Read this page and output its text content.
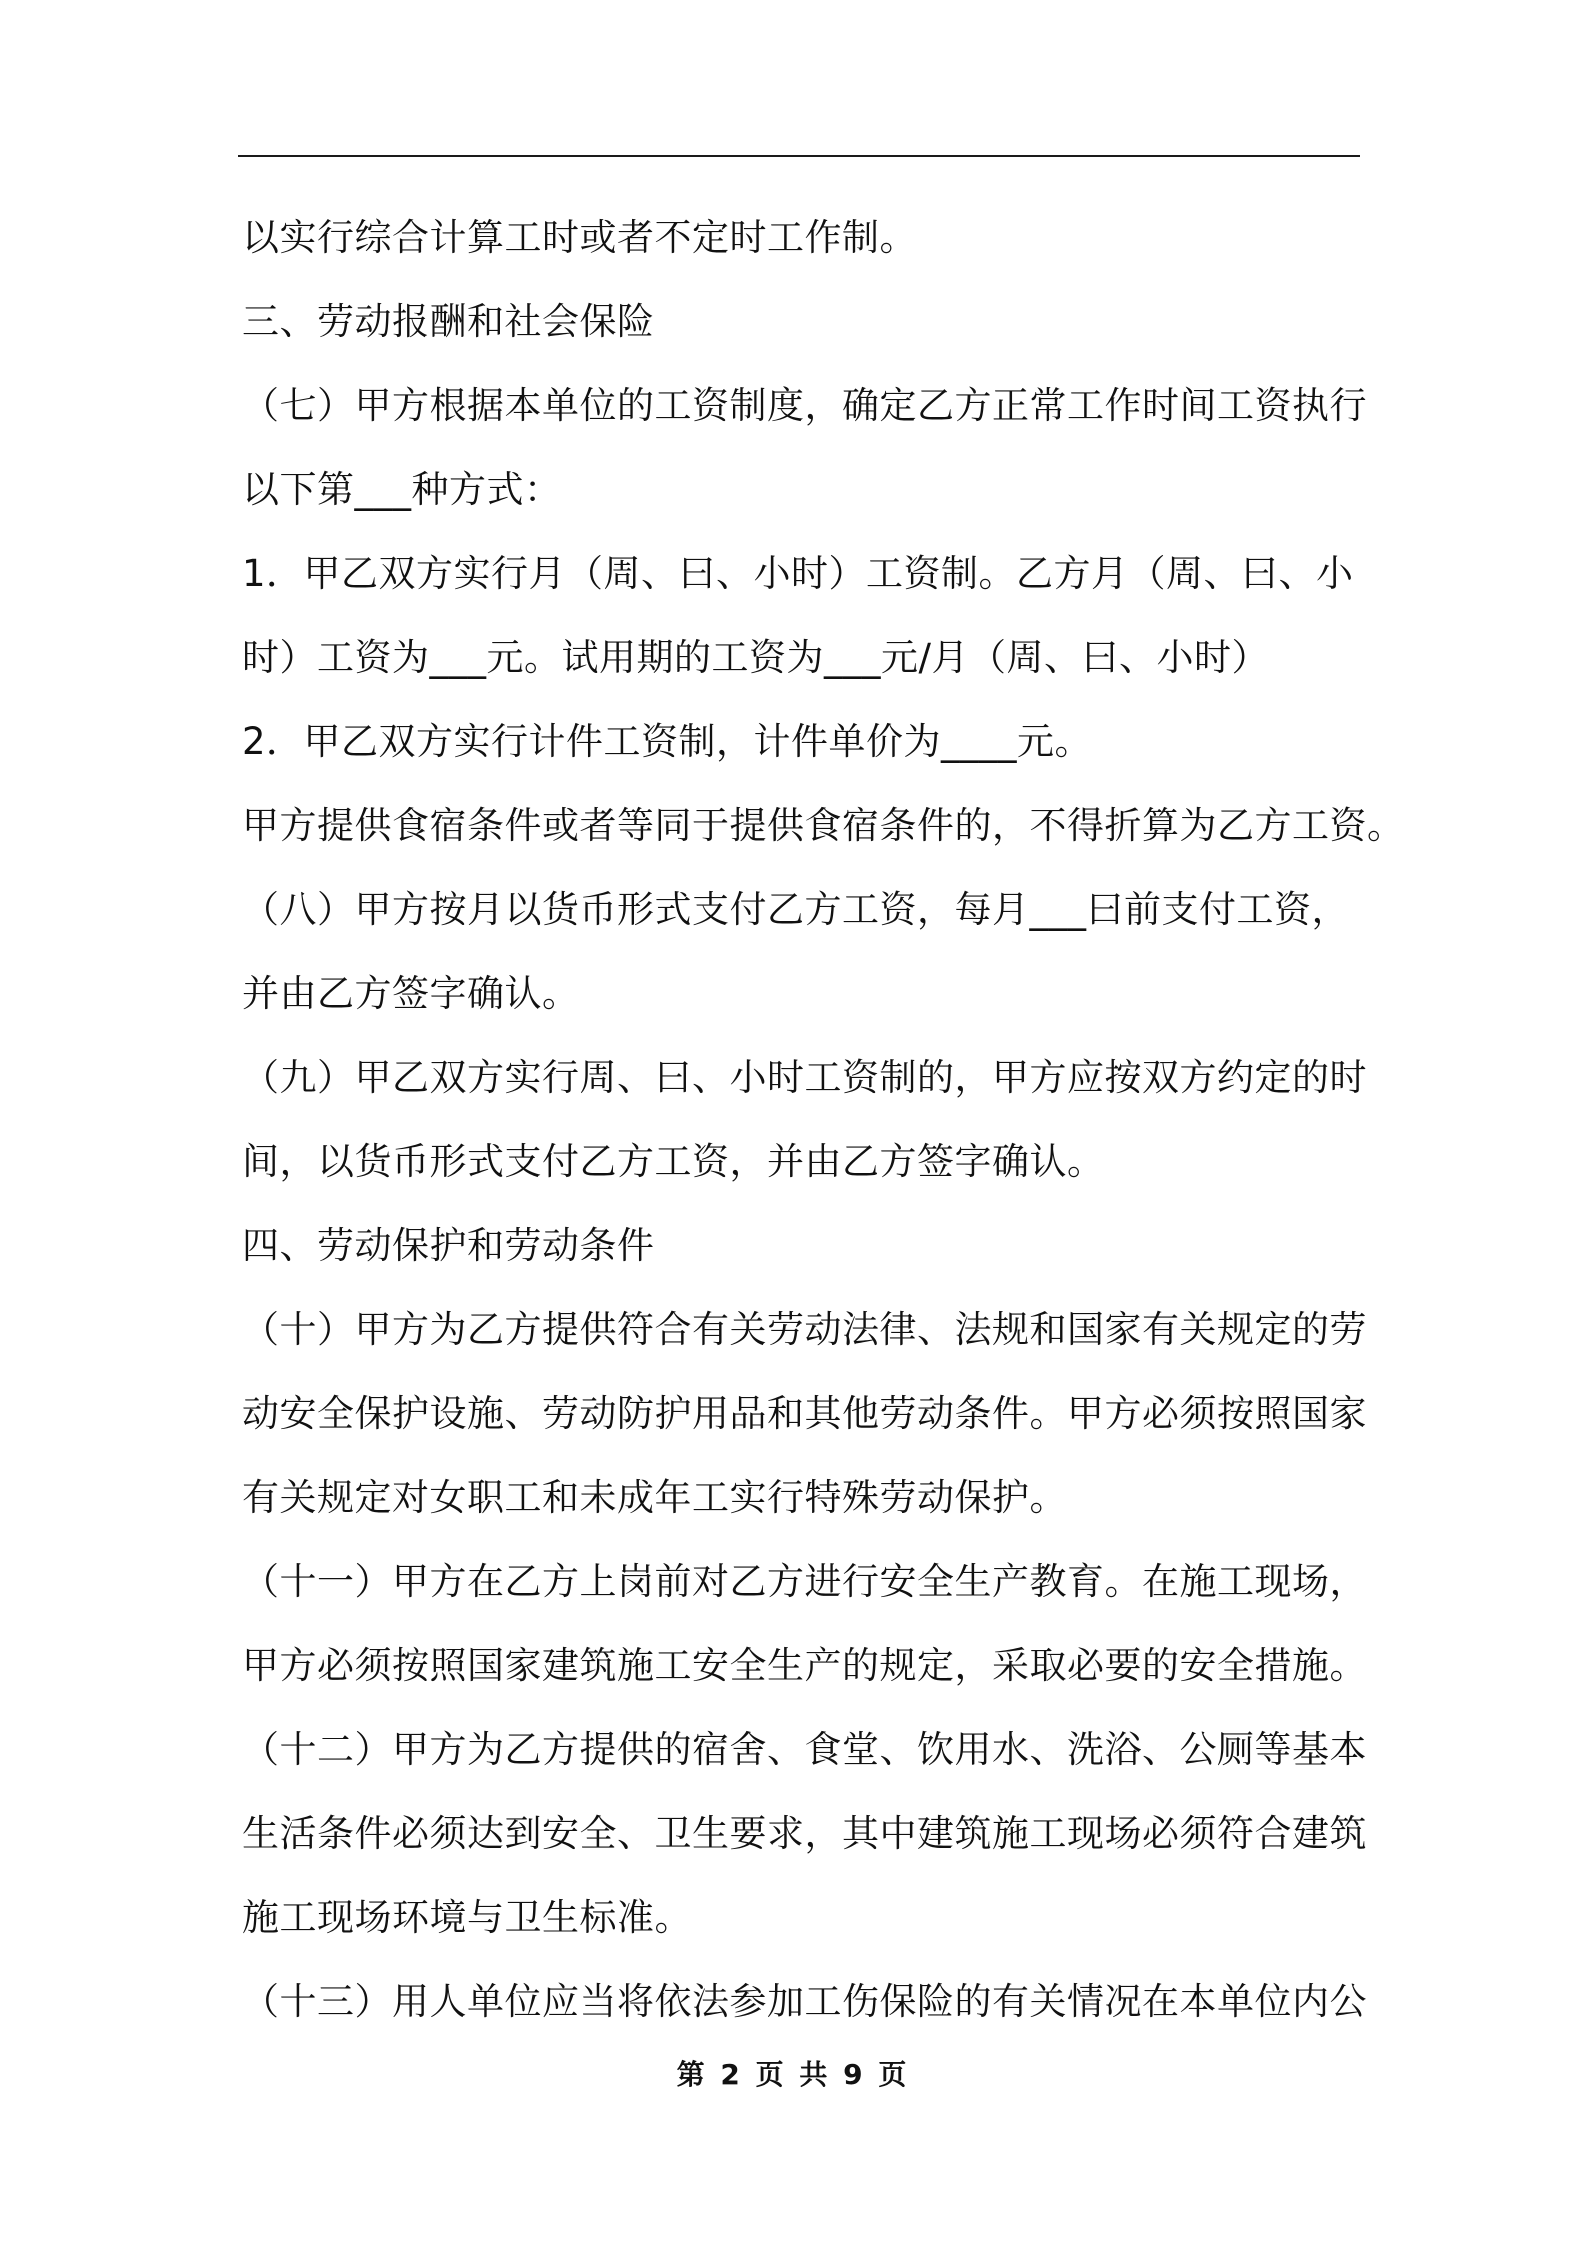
以实行综合计算工时或者不定时工作制。
三、劳动报酬和社会保险
（七）甲方根据本单位的工资制度，确定乙方正常工作时间工资执行
以下第___种方式：
1．甲乙双方实行月（周、曰、小时）工资制。乙方月（周、曰、小
时）工资为___元。试用期的工资为___元/月（周、曰、小时）
2．甲乙双方实行计件工资制，计件单价为____元。
甲方提供食宿条件或者等同于提供食宿条件的，不得折算为乙方工资。
（八）甲方按月以货币形式支付乙方工资，每月___曰前支付工资，
并由乙方签字确认。
（九）甲乙双方实行周、曰、小时工资制的，甲方应按双方约定的时
间，以货币形式支付乙方工资，并由乙方签字确认。
四、劳动保护和劳动条件
（十）甲方为乙方提供符合有关劳动法律、法规和国家有关规定的劳
动安全保护设施、劳动防护用品和其他劳动条件。甲方必须按照国家
有关规定对女职工和未成年工实行特殊劳动保护。
（十一）甲方在乙方上岗前对乙方进行安全生产教育。在施工现场，
甲方必须按照国家建筑施工安全生产的规定，采取必要的安全措施。
（十二）甲方为乙方提供的宿舍、食堂、饮用水、洗浴、公厕等基本
生活条件必须达到安全、卫生要求，其中建筑施工现场必须符合建筑
施工现场环境与卫生标准。
（十三）用人单位应当将依法参加工伤保险的有关情况在本单位内公
第 2 页 共 9 页
